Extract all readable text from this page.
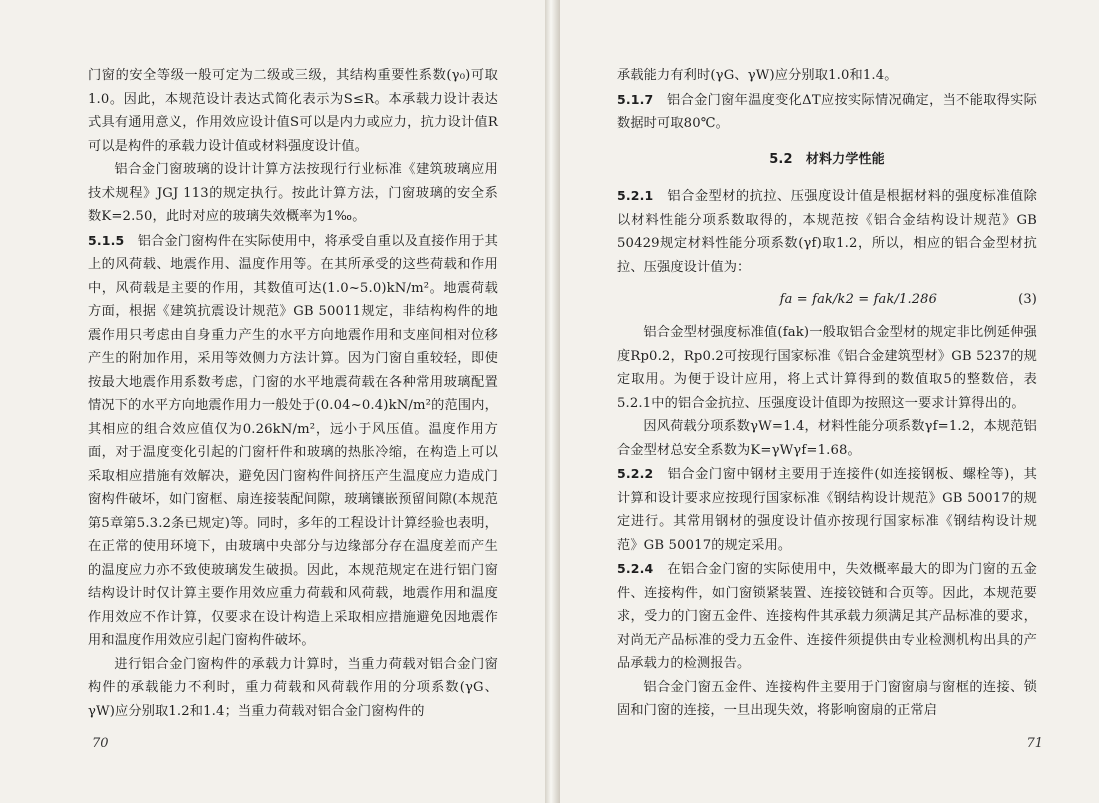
门窗的安全等级一般可定为二级或三级，其结构重要性系数(γ₀)可取1.0。因此，本规范设计表达式简化表示为S≤R。本承载力设计表达式具有通用意义，作用效应设计值S可以是内力或应力，抗力设计值R可以是构件的承载力设计值或材料强度设计值。

铝合金门窗玻璃的设计计算方法按现行行业标准《建筑玻璃应用技术规程》JGJ 113的规定执行。按此计算方法，门窗玻璃的安全系数K=2.50，此时对应的玻璃失效概率为1‰。

5.1.5　 铝合金门窗构件在实际使用中，将承受自重以及直接作用于其上的风荷载、地震作用、温度作用等。在其所承受的这些荷载和作用中，风荷载是主要的作用，其数值可达(1.0~5.0)kN/m²。地震荷载方面，根据《建筑抗震设计规范》GB 50011规定，非结构构件的地震作用只考虑由自身重力产生的水平方向地震作用和支座间相对位移产生的附加作用，采用等效侧力方法计算。因为门窗自重较轻，即使按最大地震作用系数考虑，门窗的水平地震荷载在各种常用玻璃配置情况下的水平方向地震作用力一般处于(0.04~0.4)kN/m²的范围内，其相应的组合效应值仅为0.26kN/m²，远小于风压值。温度作用方面，对于温度变化引起的门窗杆件和玻璃的热胀冷缩，在构造上可以采取相应措施有效解决，避免因门窗构件间挤压产生温度应力造成门窗构件破坏，如门窗框、扇连接装配间隙，玻璃镶嵌预留间隙(本规范第5章第5.3.2条已规定)等。同时，多年的工程设计计算经验也表明，在正常的使用环境下，由玻璃中央部分与边缘部分存在温度差而产生的温度应力亦不致使玻璃发生破损。因此，本规范规定在进行铝门窗结构设计时仅计算主要作用效应重力荷载和风荷载，地震作用和温度作用效应不作计算，仅要求在设计构造上采取相应措施避免因地震作用和温度作用效应引起门窗构件破坏。

进行铝合金门窗构件的承载力计算时，当重力荷载对铝合金门窗构件的承载能力不利时，重力荷载和风荷载作用的分项系数(γG、γW)应分别取1.2和1.4；当重力荷载对铝合金门窗构件的

70

承载能力有利时(γG、γW)应分别取1.0和1.4。

5.1.7　 铝合金门窗年温度变化ΔT应按实际情况确定，当不能取得实际数据时可取80℃。

5.2　材料力学性能

5.2.1　 铝合金型材的抗拉、压强度设计值是根据材料的强度标准值除以材料性能分项系数取得的，本规范按《铝合金结构设计规范》GB 50429规定材料性能分项系数(γf)取1.2，所以，相应的铝合金型材抗拉、压强度设计值为：

fa = fak/k2 = fak/1.286	(3)

铝合金型材强度标准值(fak)一般取铝合金型材的规定非比例延伸强度Rp0.2，Rp0.2可按现行国家标准《铝合金建筑型材》GB 5237的规定取用。为便于设计应用，将上式计算得到的数值取5的整数倍，表5.2.1中的铝合金抗拉、压强度设计值即为按照这一要求计算得出的。

因风荷载分项系数γW=1.4，材料性能分项系数γf=1.2，本规范铝合金型材总安全系数为K=γWγf=1.68。

5.2.2　 铝合金门窗中钢材主要用于连接件(如连接钢板、螺栓等)，其计算和设计要求应按现行国家标准《钢结构设计规范》GB 50017的规定进行。其常用钢材的强度设计值亦按现行国家标准《钢结构设计规范》GB 50017的规定采用。

5.2.4　 在铝合金门窗的实际使用中，失效概率最大的即为门窗的五金件、连接构件，如门窗锁紧装置、连接铰链和合页等。因此，本规范要求，受力的门窗五金件、连接构件其承载力须满足其产品标准的要求，对尚无产品标准的受力五金件、连接件须提供由专业检测机构出具的产品承载力的检测报告。

铝合金门窗五金件、连接构件主要用于门窗窗扇与窗框的连接、锁固和门窗的连接，一旦出现失效，将影响窗扇的正常启

71
